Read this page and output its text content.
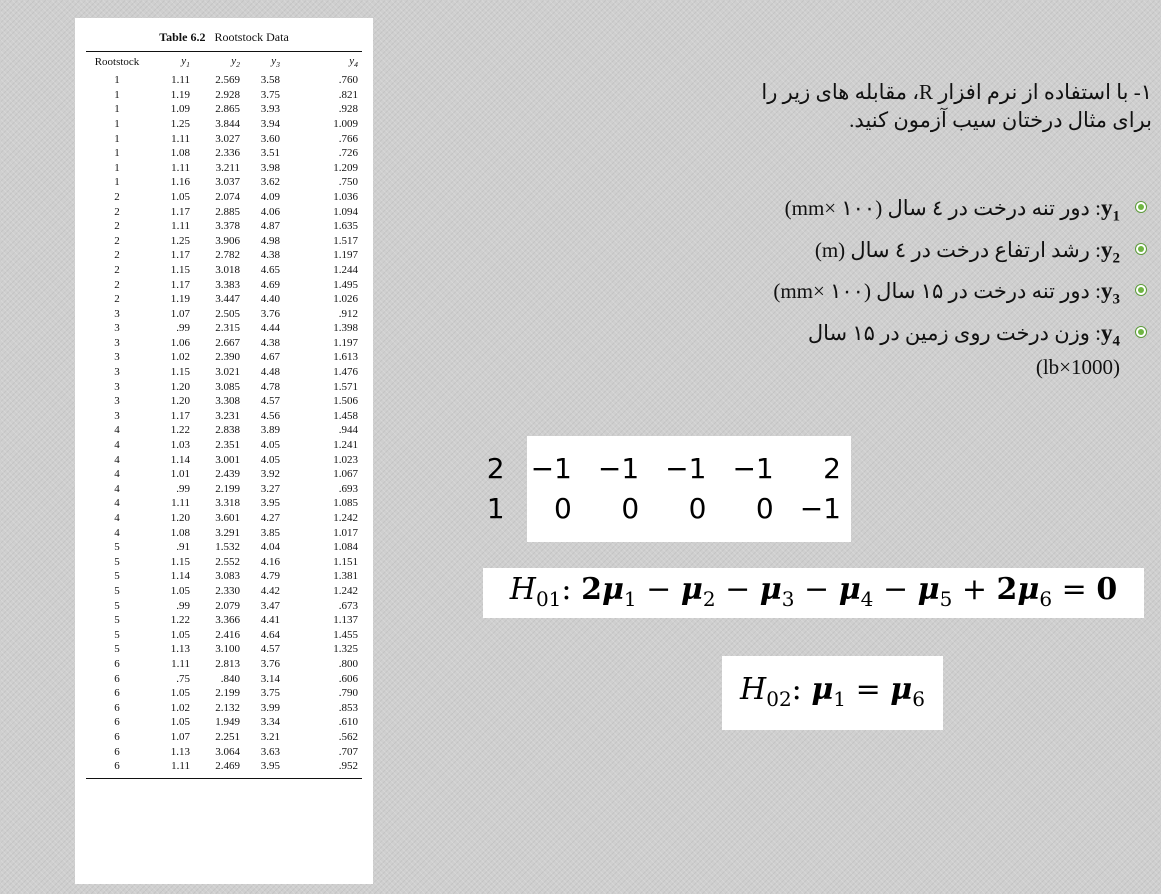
Table 6.2 Rootstock Data
Rootstock	$y_1$	$y_2$	$y_3$	$y_4$
1	1.11	2.569	3.58	.760
1	1.19	2.928	3.75	.821
1	1.09	2.865	3.93	.928
1	1.25	3.844	3.94	1.009
1	1.11	3.027	3.60	.766
1	1.08	2.336	3.51	.726
1	1.11	3.211	3.98	1.209
1	1.16	3.037	3.62	.750
2	1.05	2.074	4.09	1.036
2	1.17	2.885	4.06	1.094
2	1.11	3.378	4.87	1.635
2	1.25	3.906	4.98	1.517
2	1.17	2.782	4.38	1.197
2	1.15	3.018	4.65	1.244
2	1.17	3.383	4.69	1.495
2	1.19	3.447	4.40	1.026
3	1.07	2.505	3.76	.912
3	.99	2.315	4.44	1.398
3	1.06	2.667	4.38	1.197
3	1.02	2.390	4.67	1.613
3	1.15	3.021	4.48	1.476
3	1.20	3.085	4.78	1.571
3	1.20	3.308	4.57	1.506
3	1.17	3.231	4.56	1.458
4	1.22	2.838	3.89	.944
4	1.03	2.351	4.05	1.241
4	1.14	3.001	4.05	1.023
4	1.01	2.439	3.92	1.067
4	.99	2.199	3.27	.693
4	1.11	3.318	3.95	1.085
4	1.20	3.601	4.27	1.242
4	1.08	3.291	3.85	1.017
5	.91	1.532	4.04	1.084
5	1.15	2.552	4.16	1.151
5	1.14	3.083	4.79	1.381
5	1.05	2.330	4.42	1.242
5	.99	2.079	3.47	.673
5	1.22	3.366	4.41	1.137
5	1.05	2.416	4.64	1.455
5	1.13	3.100	4.57	1.325
6	1.11	2.813	3.76	.800
6	.75	.840	3.14	.606
6	1.05	2.199	3.75	.790
6	1.02	2.132	3.99	.853
6	1.05	1.949	3.34	.610
6	1.07	2.251	3.21	.562
6	1.13	3.064	3.63	.707
6	1.11	2.469	3.95	.952
۱- با استفاده از نرم افزار R، مقابله های زیر را
برای مثال درختان سیب آزمون کنید.
$y_1$: دور تنه درخت در ٤ سال (mm× ۱۰۰)
$y_2$: رشد ارتفاع درخت در ٤ سال (m)
$y_3$: دور تنه درخت در ۱۵ سال (mm× ۱۰۰)
$y_4$: وزن درخت روی زمین در ۱۵ سال
(lb×1000)
2	−1	−1	−1	−1	2
1	0	0	0	0	−1
$H_{01}$: $2\mu_1 - \mu_2 - \mu_3 - \mu_4 - \mu_5 + 2\mu_6 = 0$
$H_{02}$: $\mu_1 = \mu_6$
